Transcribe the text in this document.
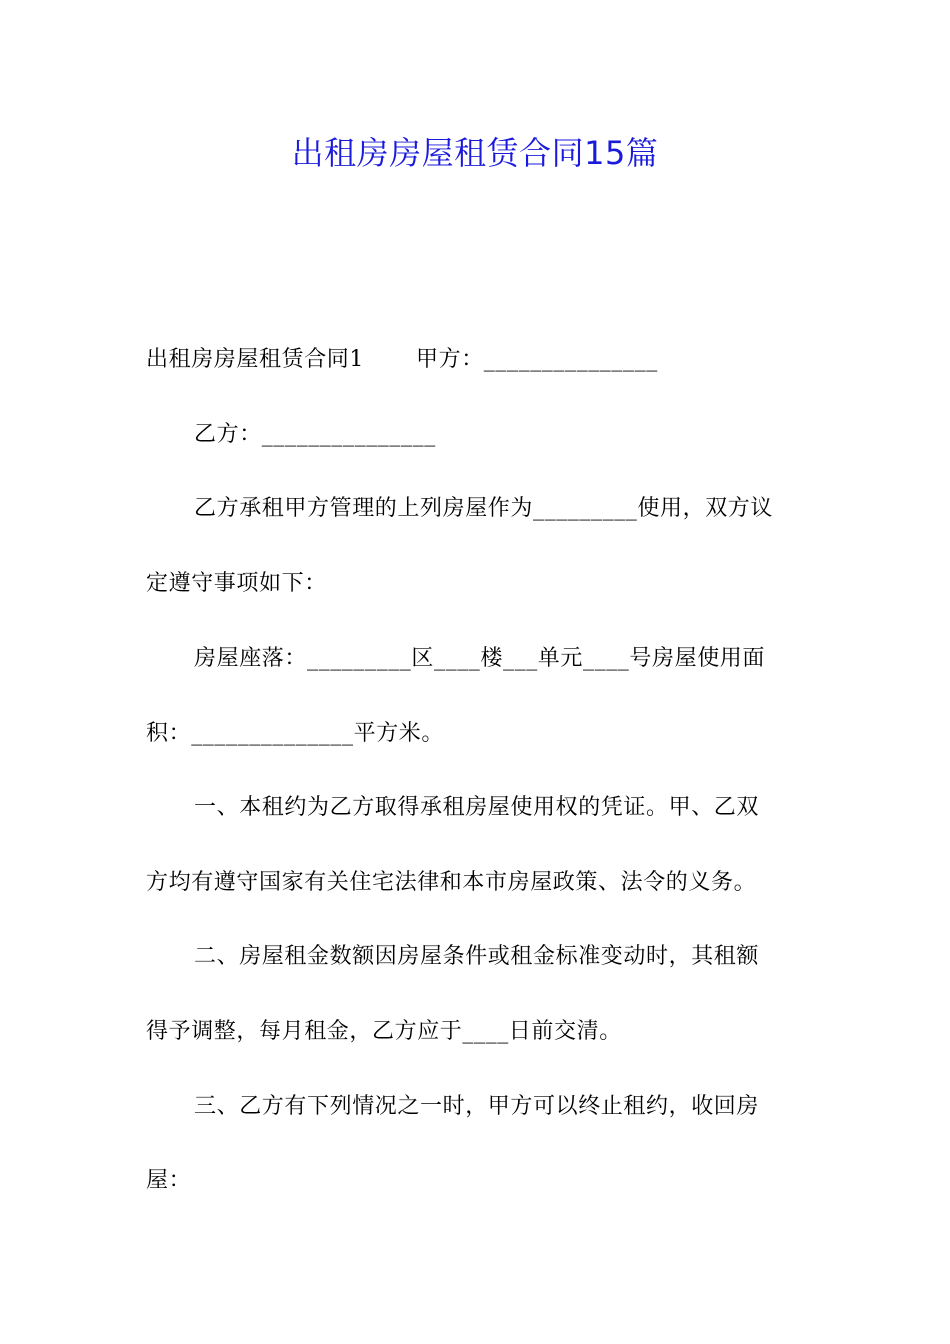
出租房房屋租赁合同15篇
出租房房屋租赁合同1 甲方：_______________
乙方：_______________
乙方承租甲方管理的上列房屋作为_________使用，双方议
定遵守事项如下：
房屋座落：_________区____楼___单元____号房屋使用面
积：______________平方米。
一、本租约为乙方取得承租房屋使用权的凭证。甲、乙双
方均有遵守国家有关住宅法律和本市房屋政策、法令的义务。
二、房屋租金数额因房屋条件或租金标准变动时，其租额
得予调整，每月租金，乙方应于____日前交清。
三、乙方有下列情况之一时，甲方可以终止租约，收回房
屋：
